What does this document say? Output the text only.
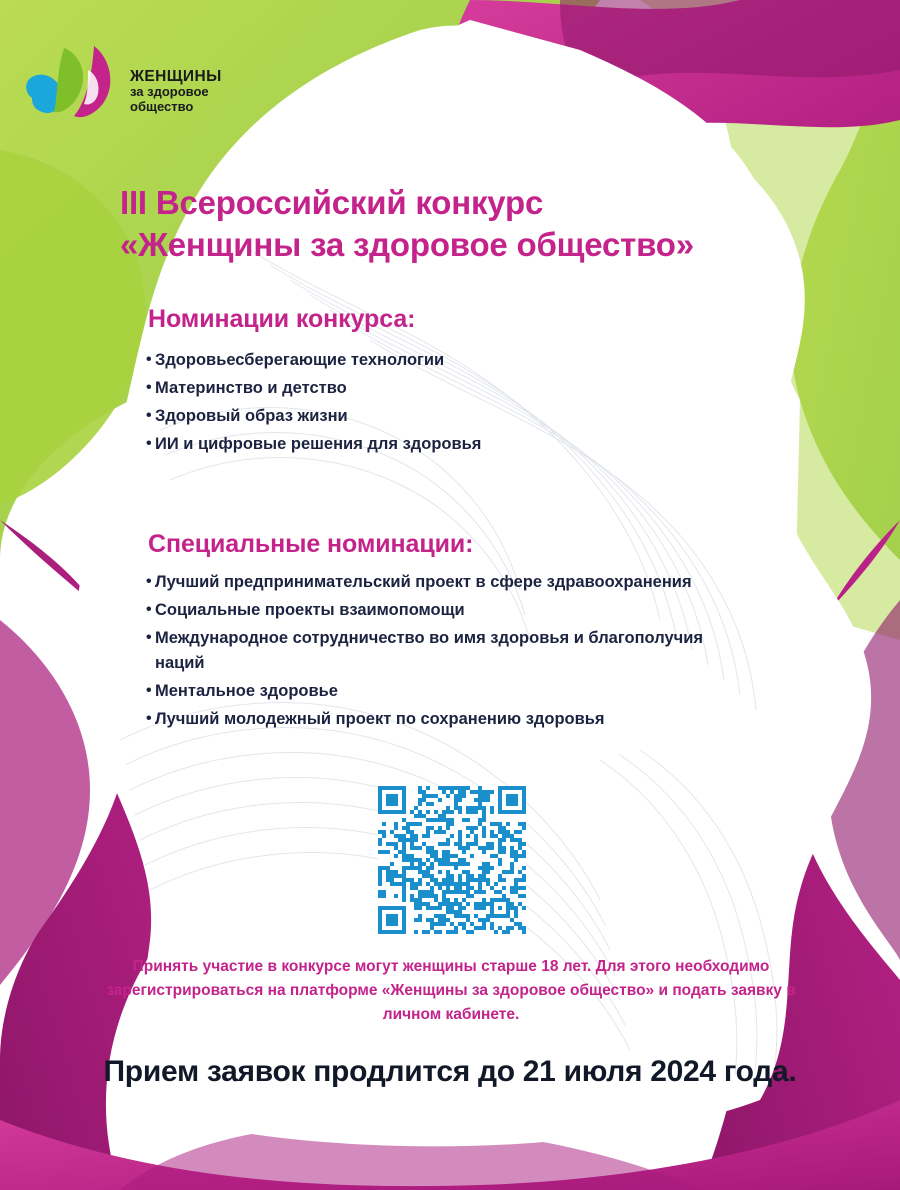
ЖЕНЩИНЫ
за здоровое
общество
III Всероссийский конкурс
«Женщины за здоровое общество»
Номинации конкурса:
• Здоровьесберегающие технологии
• Материнство и детство
• Здоровый образ жизни
• ИИ и цифровые решения для здоровья
Специальные номинации:
• Лучший предпринимательский проект в сфере здравоохранения
• Социальные проекты взаимопомощи
• Международное сотрудничество во имя здоровья и благополучия наций
• Ментальное здоровье
• Лучший молодежный проект по сохранению здоровья
Принять участие в конкурсе могут женщины старше 18 лет. Для этого необходимо зарегистрироваться на платформе «Женщины за здоровое общество» и подать заявку в личном кабинете.
Прием заявок продлится до 21 июля 2024 года.
